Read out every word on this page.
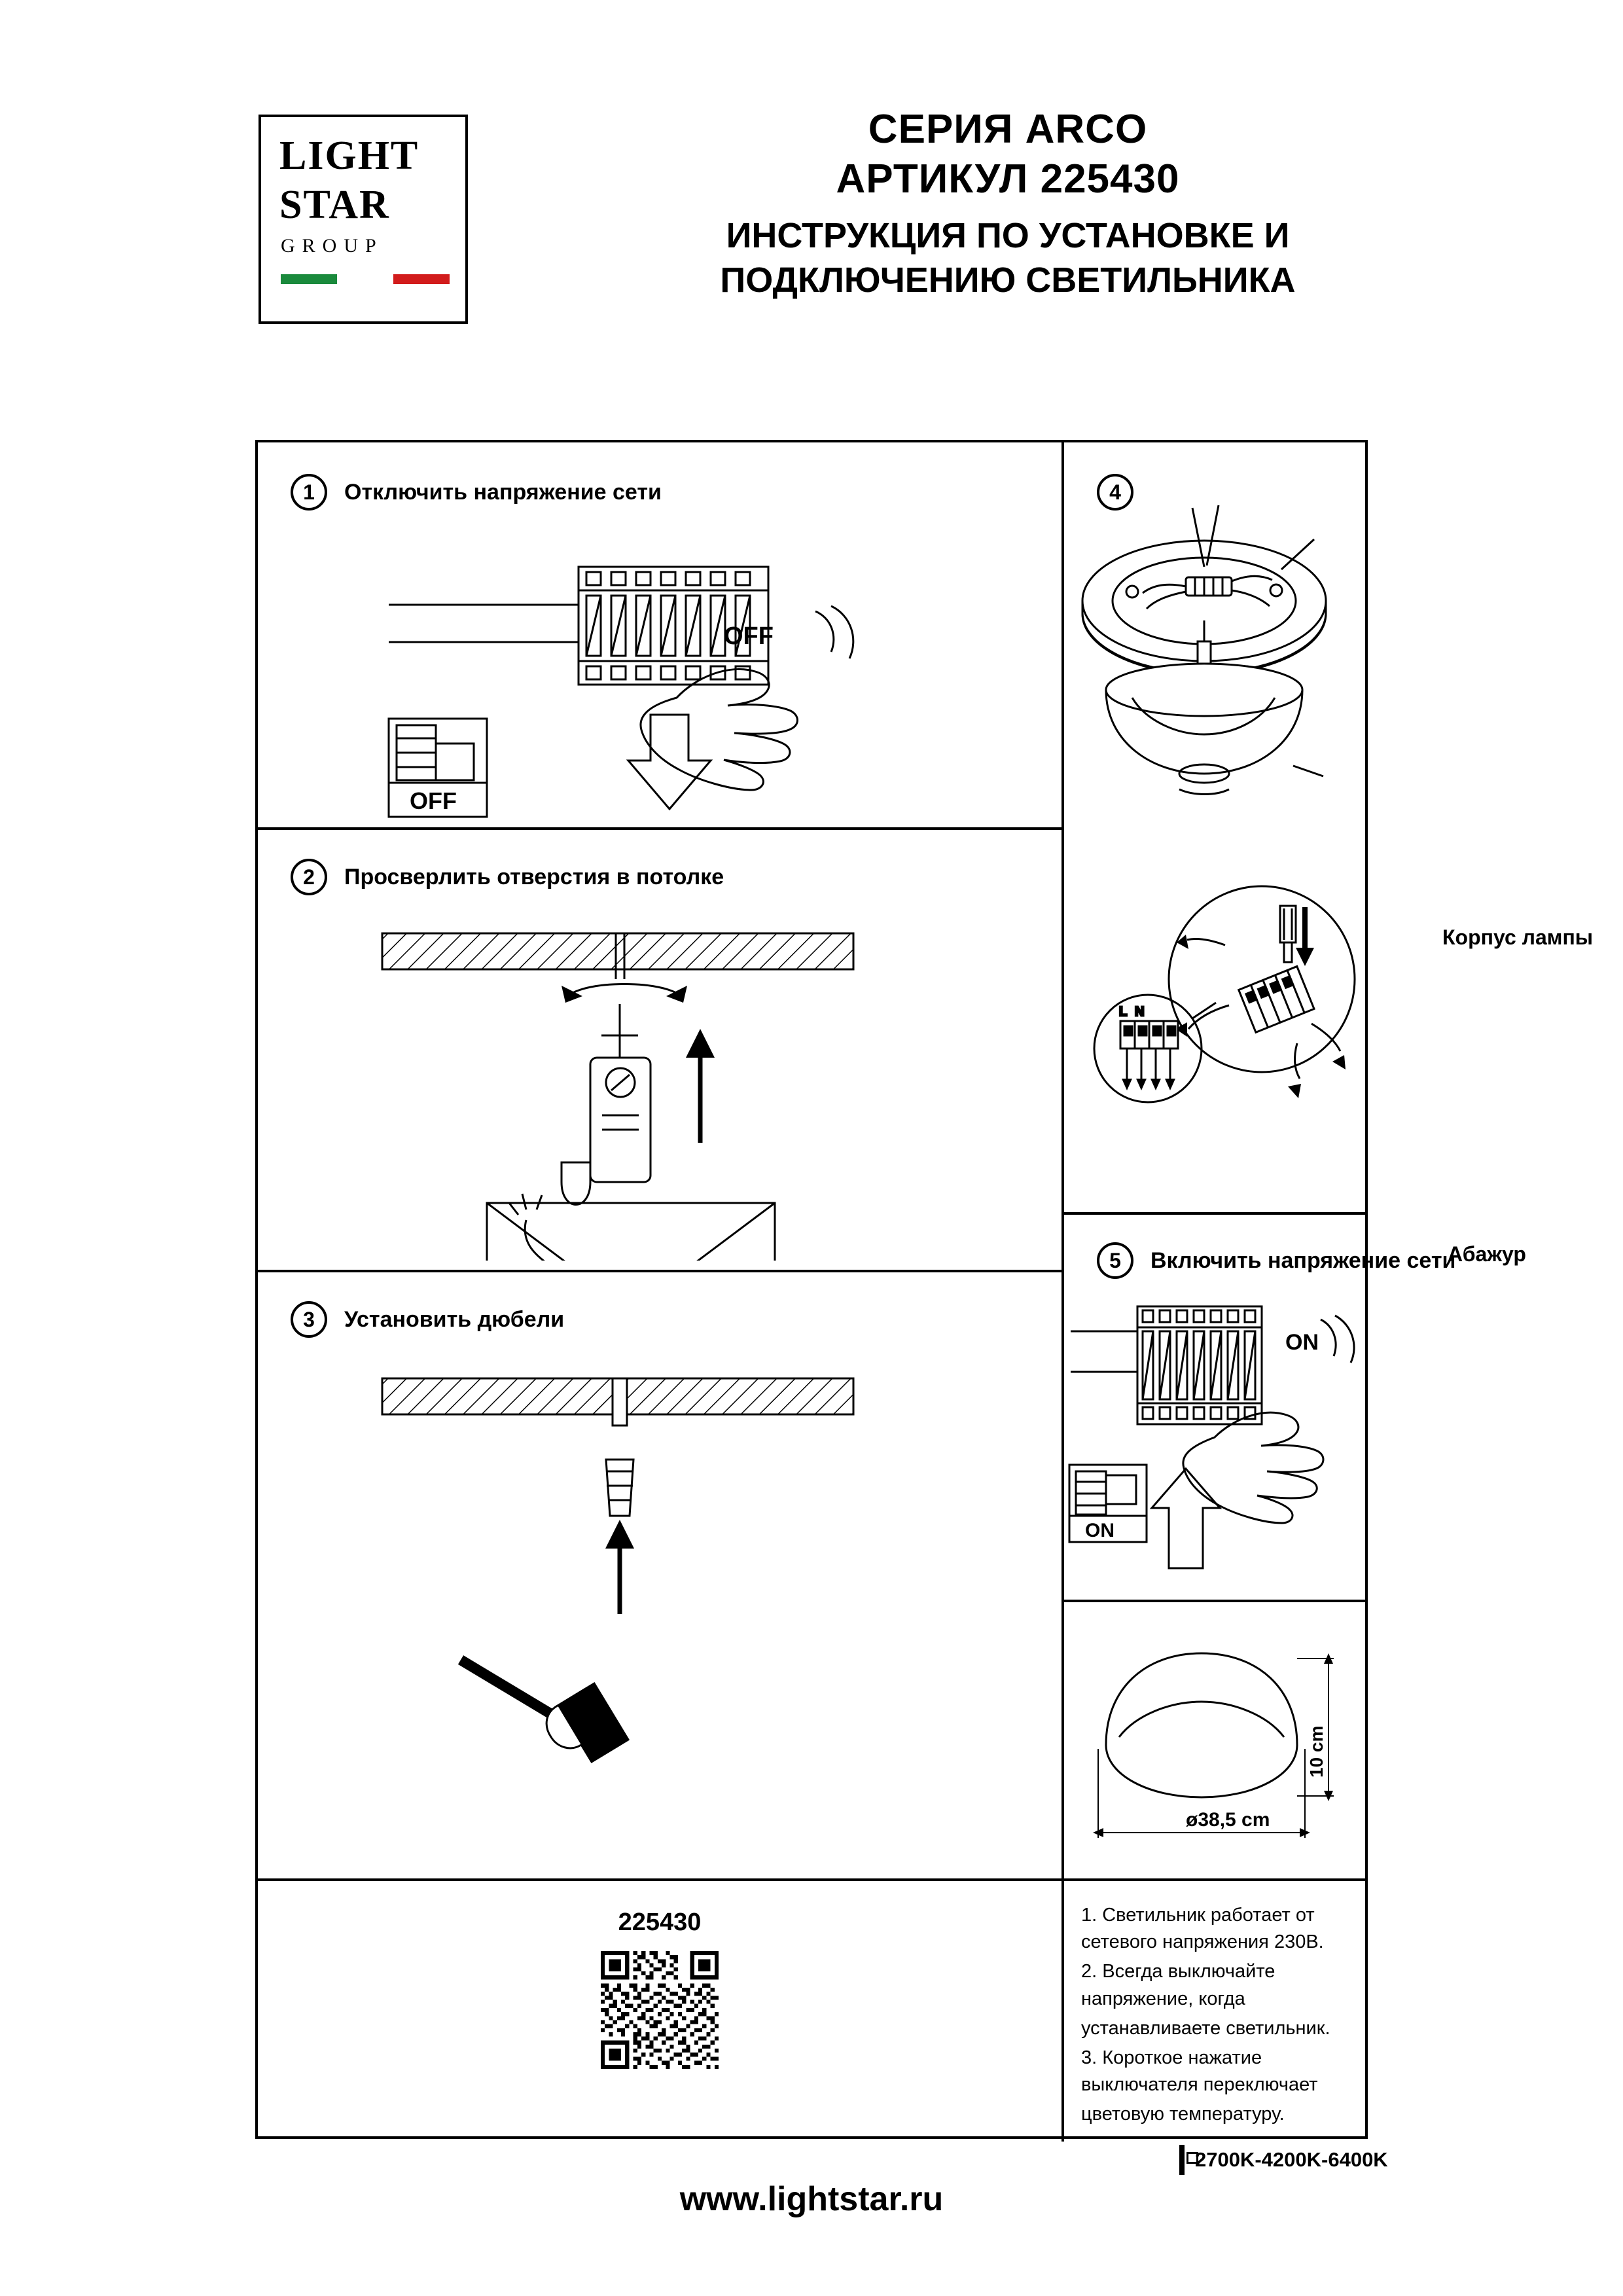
LIGHT
STAR
GROUP
СЕРИЯ ARCO
АРТИКУЛ 225430
ИНСТРУКЦИЯ ПО УСТАНОВКЕ И
ПОДКЛЮЧЕНИЮ СВЕТИЛЬНИКА
1	Отключить напряжение сети
OFF
OFF
2	Просверлить отверстия в потолке
3	Установить дюбели
4
L N
Корпус лампы
Абажур
5	Включить напряжение сети
ON
ON
10 cm
ø38,5 cm
225430	1. Светильник работает от сетевого напряжения 230В.

2. Всегда выключайте напряжение, когда

устанавливаете светильник.

3. Короткое нажатие выключателя переключает

цветовую температуру.

2700K-4200K-6400K
www.lightstar.ru
